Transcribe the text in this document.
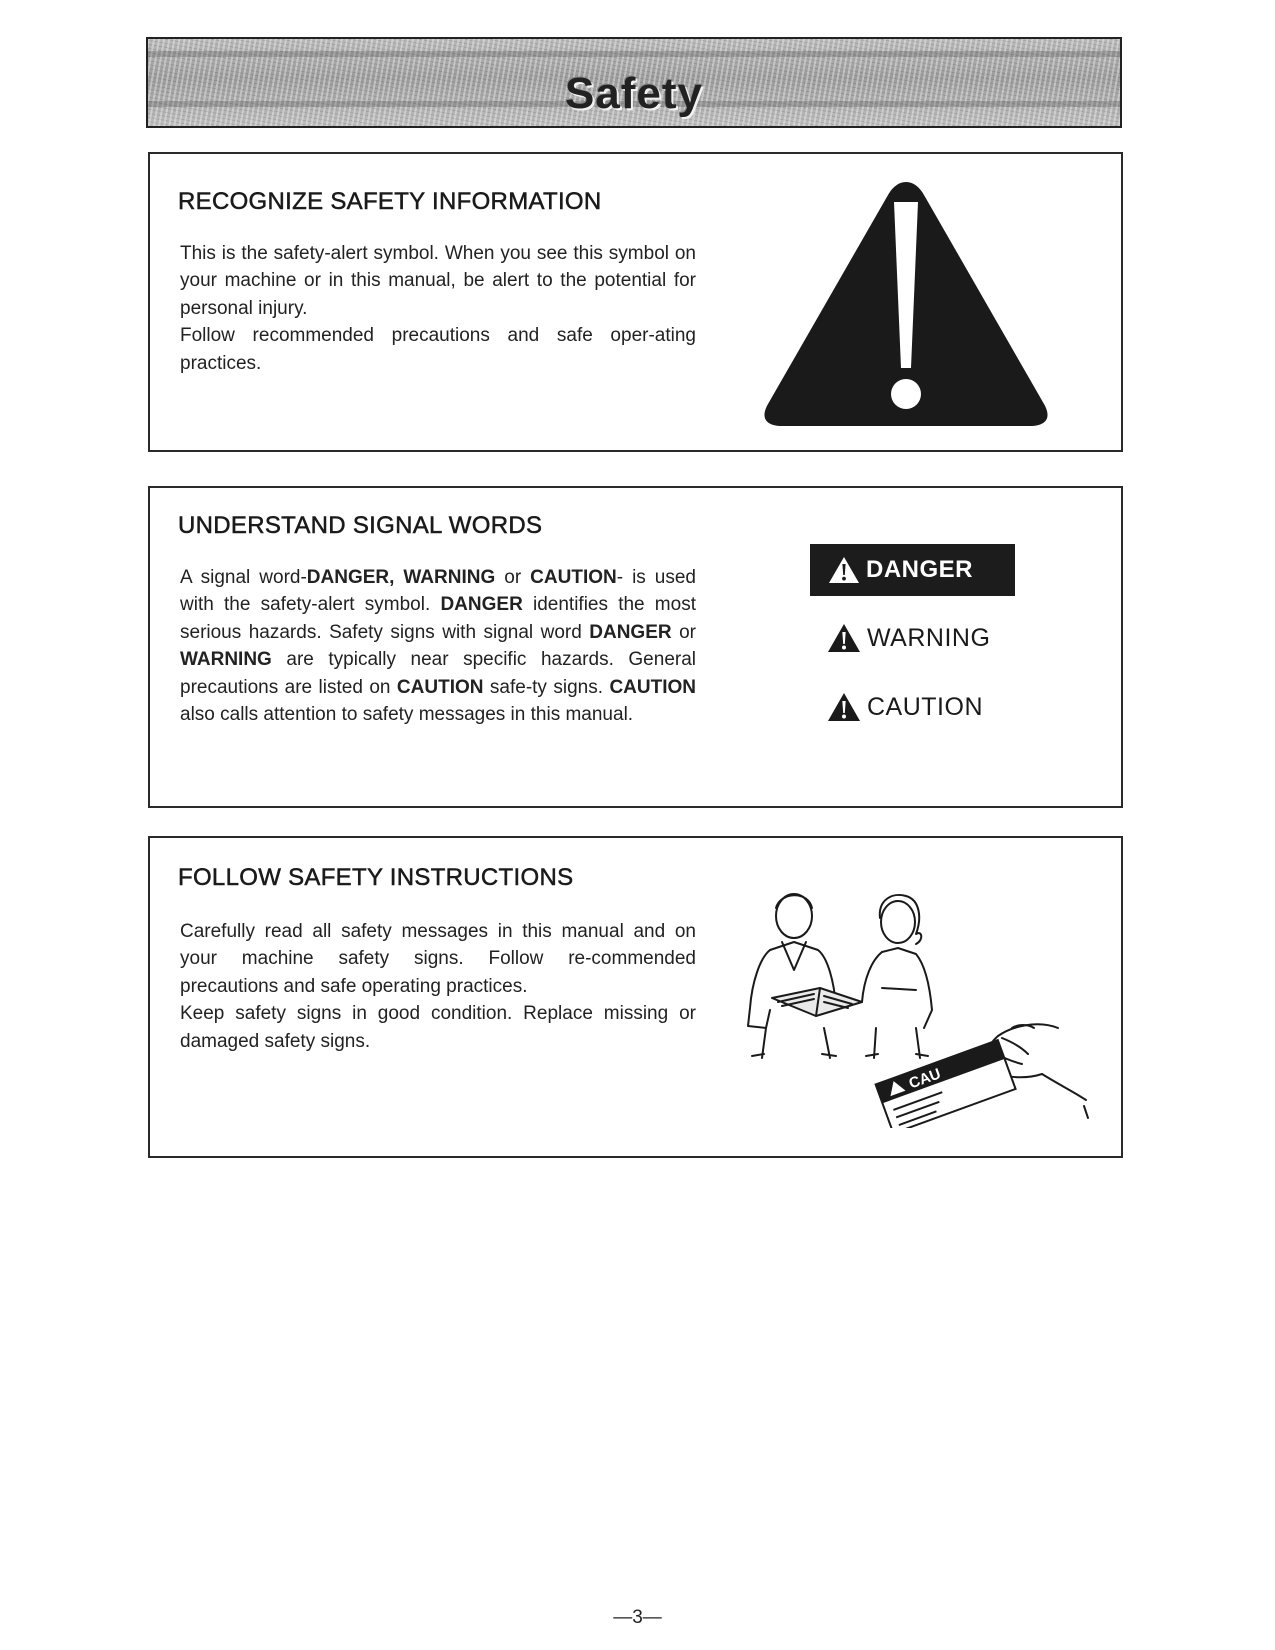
Safety
RECOGNIZE SAFETY INFORMATION

This is the safety-alert symbol. When you see this symbol on your machine or in this manual, be alert to the potential for personal injury.
Follow recommended precautions and safe oper-ating practices.

UNDERSTAND SIGNAL WORDS

A signal word-DANGER, WARNING or CAUTION- is used with the safety-alert symbol. DANGER identifies the most serious hazards. Safety signs with signal word DANGER or WARNING are typically near specific hazards. General precautions are listed on CAUTION safe-ty signs. CAUTION also calls attention to safety messages in this manual.

DANGER
WARNING
CAUTION
FOLLOW SAFETY INSTRUCTIONS

Carefully read all safety messages in this manual and on your machine safety signs. Follow re-commended precautions and safe operating practices.
Keep safety signs in good condition. Replace missing or damaged safety signs.

CAU
—3—
